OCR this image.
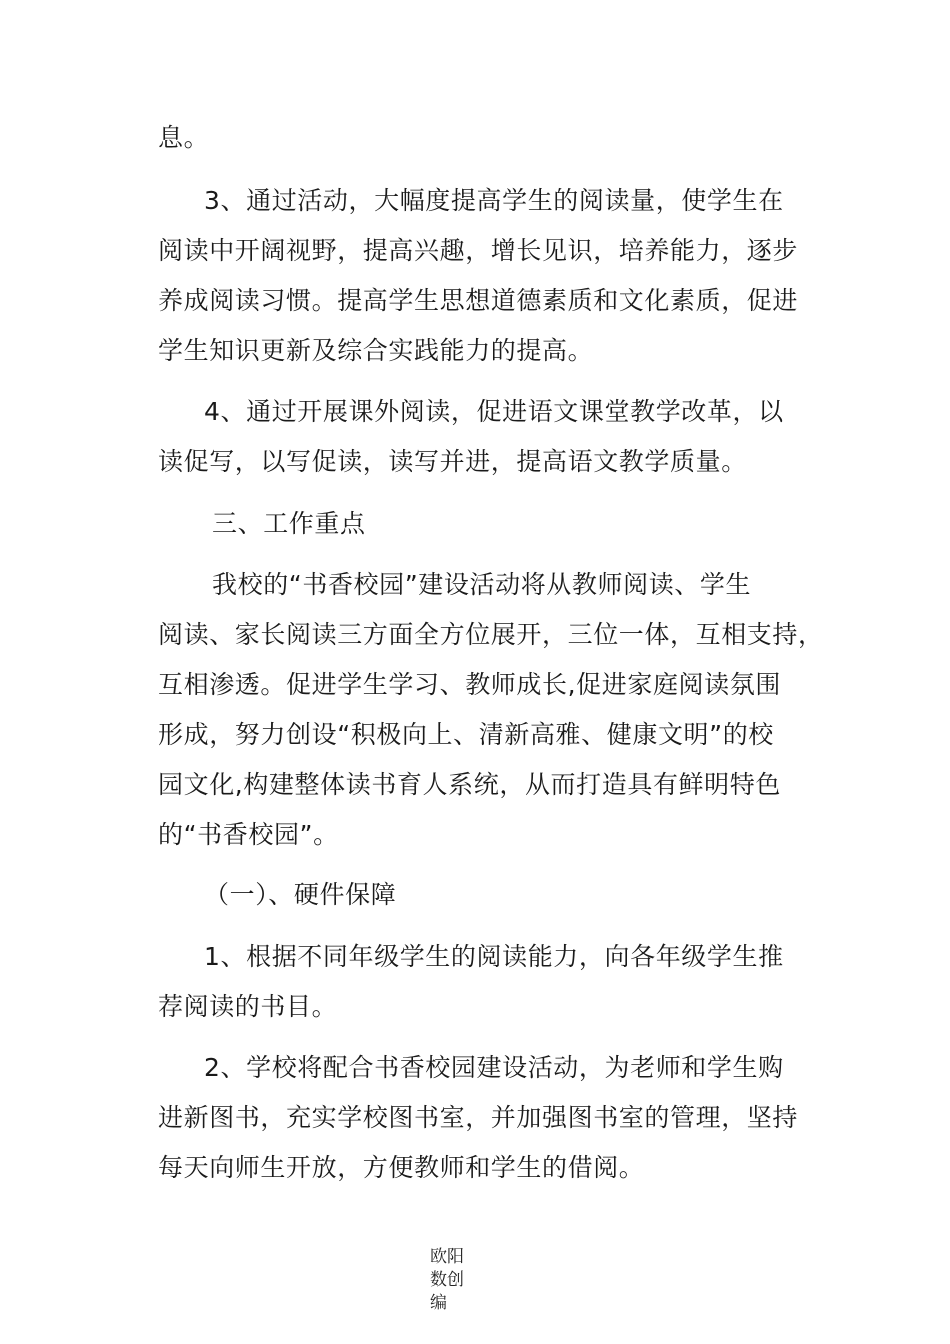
息。
3、通过活动，大幅度提高学生的阅读量，使学生在
阅读中开阔视野，提高兴趣，增长见识，培养能力，逐步
养成阅读习惯。提高学生思想道德素质和文化素质，促进
学生知识更新及综合实践能力的提高。
4、通过开展课外阅读，促进语文课堂教学改革，以
读促写，以写促读，读写并进，提高语文教学质量。
三、工作重点
我校的“书香校园”建设活动将从教师阅读、学生
阅读、家长阅读三方面全方位展开，三位一体，互相支持，
互相渗透。促进学生学习、教师成长,促进家庭阅读氛围
形成，努力创设“积极向上、清新高雅、健康文明”的校
园文化,构建整体读书育人系统，从而打造具有鲜明特色
的“书香校园”。
（一）、硬件保障
1、根据不同年级学生的阅读能力，向各年级学生推
荐阅读的书目。
2、学校将配合书香校园建设活动，为老师和学生购
进新图书，充实学校图书室，并加强图书室的管理，坚持
每天向师生开放，方便教师和学生的借阅。
欧阳
数创
编
